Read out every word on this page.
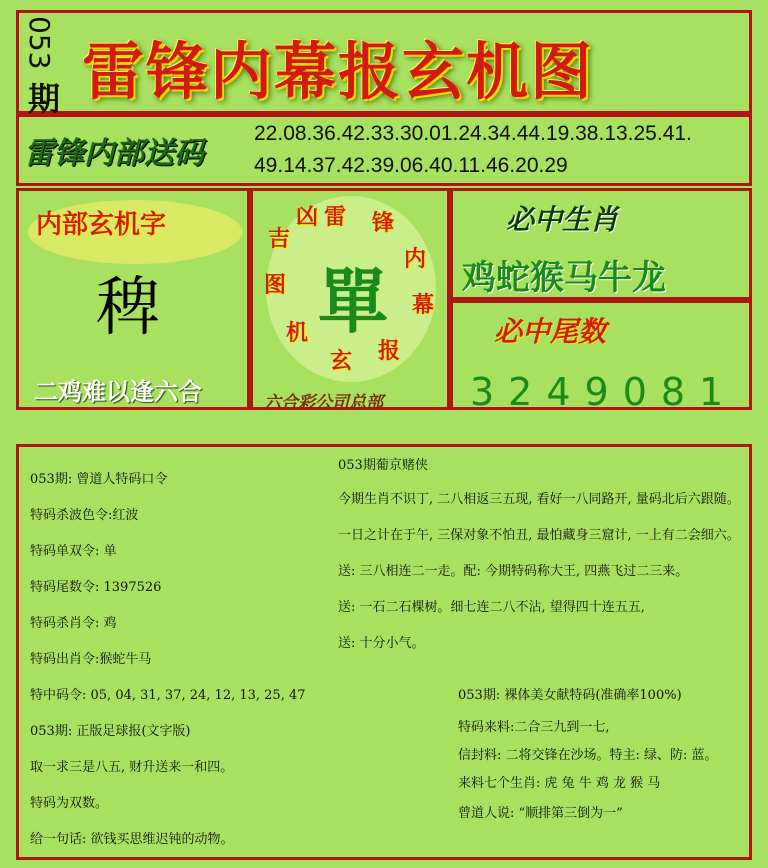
053
期 雷锋内幕报玄机图
雷锋内部送码
22.08.36.42.33.30.01.24.34.44.19.38.13.25.41.
49.14.37.42.39.06.40.11.46.20.29
内部玄机字
稗
二鸡难以逢六合
雷 锋
内
幕
报
玄
机
图
吉
凶
單
六合彩公司总部
必中生肖
鸡蛇猴马牛龙
必中尾数
3249081
053期: 曾道人特码口令
特码杀波色令:红波
特码单双令: 单
特码尾数令: 1397526
特码杀肖令: 鸡
特码出肖令:猴蛇牛马
特中码令: 05, 04, 31, 37, 24, 12, 13, 25, 47
053期: 正版足球报(文字版)
取一求三是八五, 财升送来一和四。
特码为双数。
给一句话: 欲钱买思维迟钝的动物。
053期葡京赌侠
今期生肖不识丁, 二八相返三五现, 看好一八同路开, 量码北后六跟随。
一日之计在于午, 三保对象不怕丑, 最怕藏身三窟计, 一上有二会细六。
送: 三八相连二一走。配: 今期特码称大王, 四燕飞过二三来。
送: 一石二石棵树。细七连二八不沾, 望得四十连五五,
送: 十分小气。
053期: 裸体美女献特码(准确率100%)
特码来料:二合三九到一七,
信封料: 二将交锋在沙场。特主: 绿、防: 蓝。
来料七个生肖: 虎 兔 牛 鸡 龙 猴 马
曾道人说: “顺排第三倒为一”
